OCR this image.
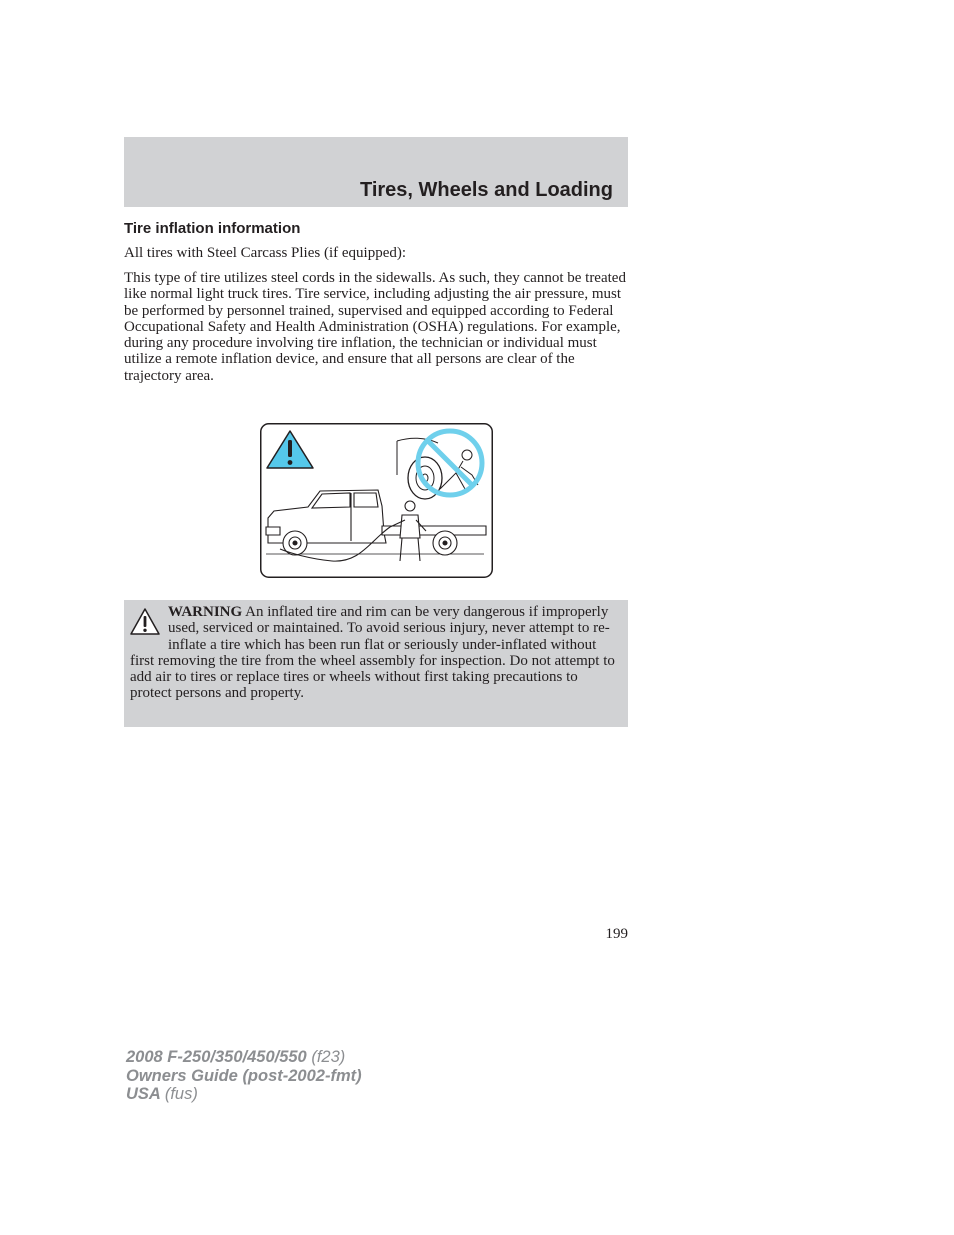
Tires, Wheels and Loading
Tire inflation information

All tires with Steel Carcass Plies (if equipped):

This type of tire utilizes steel cords in the sidewalls. As such, they cannot be treated like normal light truck tires. Tire service, including adjusting the air pressure, must be performed by personnel trained, supervised and equipped according to Federal Occupational Safety and Health Administration (OSHA) regulations. For example, during any procedure involving tire inflation, the technician or individual must utilize a remote inflation device, and ensure that all persons are clear of the trajectory area.

WARNING An inflated tire and rim can be very dangerous if improperly used, serviced or maintained. To avoid serious injury, never attempt to re-inflate a tire which has been run flat or seriously under-inflated without first removing the tire from the wheel assembly for inspection. Do not attempt to add air to tires or replace tires or wheels without first taking precautions to protect persons and property.

199
2008 F-250/350/450/550 (f23)
Owners Guide (post-2002-fmt)
USA (fus)
